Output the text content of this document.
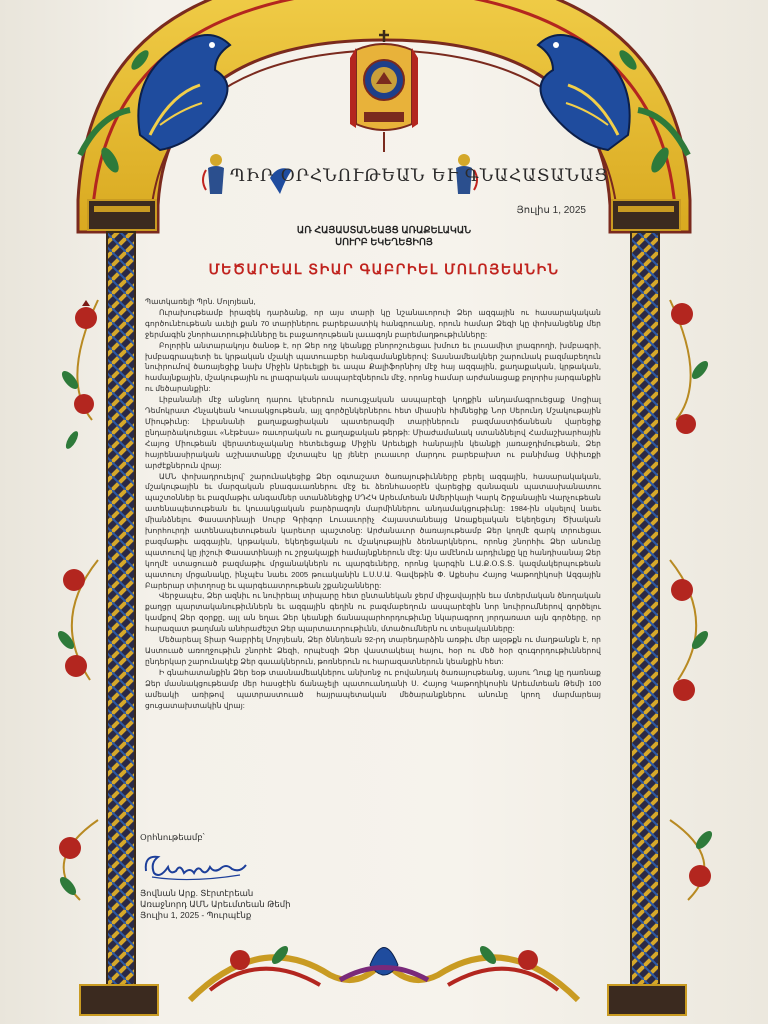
ՊԻՐ ՕՐՀՆՈՒԹԵԱՆ ԵՒ ԳՆԱՀԱՏԱՆԱՑ
Յուլիս 1, 2025
ԱՌ ՀԱՅԱՍՏԱՆԵԱՅՑ ԱՌԱՔԵԼԱԿԱՆ
ՍՈՒՐԲ ԵԿԵՂԵՑԻՈՅ
ՄԵԾԱՐԵԱԼ ՏԻԱՐ ԳԱԲՐԻԵԼ ՄՈԼՈՅԵԱՆԻՆ

Պատկառելի Պրն. Մոլոյեան,

Ուրախութեամբ իրազեկ դարձանք, որ այս տարի կը նշանաւորուի Ձեր ազգային ու հասարակական գործունէութեան աւելի քան 70 տարիներու բարեբաստիկ հանգրուանը, որուն համար Ձեզի կը փոխանցենք մեր ջերմագին շնորհաւորութիւնները եւ բաջաողութեան լաւագոյն բարեմաղթութիւնները:

Բոլորին անտարակոյս ծանօթ է, որ Ձեր ողջ կեանքը բնորոշուեցաւ խմուռ եւ լուսամիտ լրագրողի, խմբագրի, խմբագրապետի եւ կրթական մշակի պատուաբեր հանգամանքներով: Տասնամեակներ շարունակ բազմաբեղուն նուիրումով ծառայեցիք նախ Միջին Արեւելքի եւ ապա Քալիֆորնիոյ մէջ հայ ազգային, քաղաքական, կրթական, համայնքային, մշակութային ու լրագրական ասպարէզներուն մէջ, որոնց համար արժանացաք բոլորիս յարգանքին ու մեծարանքին:

Լիբանանի մէջ անցնող դարու կէսերուն ուսուցչական ասպարէզի կողքին անդամագրուեցաք Սոցիալ Դեմոկրատ Հնչակեան Կուսակցութեան, այլ գործընկերներու հետ միասին հիմնեցիք Նոր Սերունդ Մշակութային Միութիւնը: Լիբանանի քաղաքացիական պատերազմի տարիներուն բազմաստիճանեան վարեցիք ընդարձակուեցաւ «Նէթէսա» ռաւորական ու քաղաքական թերթի: Միաժամանակ ստանձնելով Համաշխարհային Հայոց Միութեան վերատեսչականը հետեւեցաք Միջին Արեւելքի հանրային կեանքի յառաջդիմութեան, Ձեր հայրենասիրական աշխատանքը մշտապէս կը յենէր լուսաւոր մարդու բարեբախտ ու բանիմաց Սփիւռքի արժէքներուն վրայ:

ԱՄՆ փոխադրուելով՝ շարունակեցիք Ձեր օգտաշատ ծառայութիւնները բերել ազգային, հասարակական, մշակութային եւ մարզական բնագաւառներու մէջ եւ ձեռնհասօրէն վարեցիք զանազան պատասխանատու պաշտօններ եւ բազմաթիւ անգամներ ստանձնեցիք ՍԴՀԿ Արեւմտեան Ամերիկայի Կարկ Շրջանային Վարչութեան ատենապետութեան եւ կուսակցական բարձրագոյն մարմիններու անդամակցութիւնը: 1984-ին սկսելով նաեւ միանձնելու Փասատինայի Սուրբ Գրիգոր Լուսաւորիչ Հայաստանեայց Առաքելական Եկեղեցւոյ Ծխական խորհուրդի ատենապետութեան կարեւոր պաշտօնը: Արժանաւոր ծառայութեամբ Ձեր կողմէ զարկ տրուեցաւ բազմաթիւ ազգային, կրթական, եկեղեցական ու մշակութային ձեռնարկներու, որոնց շնորհիւ Ձեր անունը պատուով կը յիշուի Փասատինայի ու շրջակայքի համայնքներուն մէջ: Այս ամէնուն արդիւնքը կը հանդիսանայ Ձեր կողմէ ստացուած բազմաթիւ մրցանակներն ու պարգեւները, որոնց կարգին Լ.Ա.Ք.Օ.Տ.Տ. կազմակերպութեան պատուոյ մրցանակը, ինչպէս նաեւ 2005 թուականին Լ.Ս.Ս.Ա. Գավեթին Փ. Աքեսիս Հայոց Կաթողիկոսի Ազգային Բարերար տիտղոսը եւ պարգեւատրութեան շքանշանները:

Վերջապէս, Ձեր ազնիւ ու նուիրեալ տիպարը հետ ընտանեկան ջերմ միջավայրին եւս մտերմական ծնողական քաղցր պարտականութիւններն եւ ազգային գեղին ու բազմաբեղուն ասպարէզին նոր նուիրումներով գործելու կամքով Ձեր զօրքը, այլ ան եղաւ Ձեր կեանքի ճանապարհորդութիւնը նկարագրող յորդառատ այն գործերը, որ հարազատ թաղման անհրաժեշտ Ձեր պարտաւորութիւնն, մտածումներն ու տեսլականները:

Մեծարեալ Տիար Գաբրիել Մոլոյեան, Ձեր ծննդեան 92-րդ տարեդարձին առթիւ մեր ալօթքն ու մաղթանքն է, որ Աստուած առողջութիւն շնորհէ Ձեզի, որպէսզի Ձեր վաստակեալ հայու, հօր ու մեծ հօր զուգորդութիւններով ընդերկար շարունակէք Ձեր գաւակներուն, թոռներուն ու հարազատներուն կեանքին հետ:

Ի գնահատանքին Ձեր եօթ տասնամեակներու անխոնջ ու բովանդակ ծառայութեանց, այսու Ղուք կը դառնաք Ձեր մասնակցութեամբ մեր հասցէին ճանաչելի պատուանդանի Ս. Հայոց Կաթողիկոսին Արեւմտեան Թեմի 100 ամեակի առիթով պատրաստուած հայրապետական մեծարանքներու անունը կրող մարմարեայ ցուցատախտակին վրայ:

Օրհնութեամբ՝
Յովնան Արք. Տէրտէրեան
Առաջնորդ ԱՄՆ Արեւմտեան Թեմի
Յուլիս 1, 2025 - Պուրպէնք
